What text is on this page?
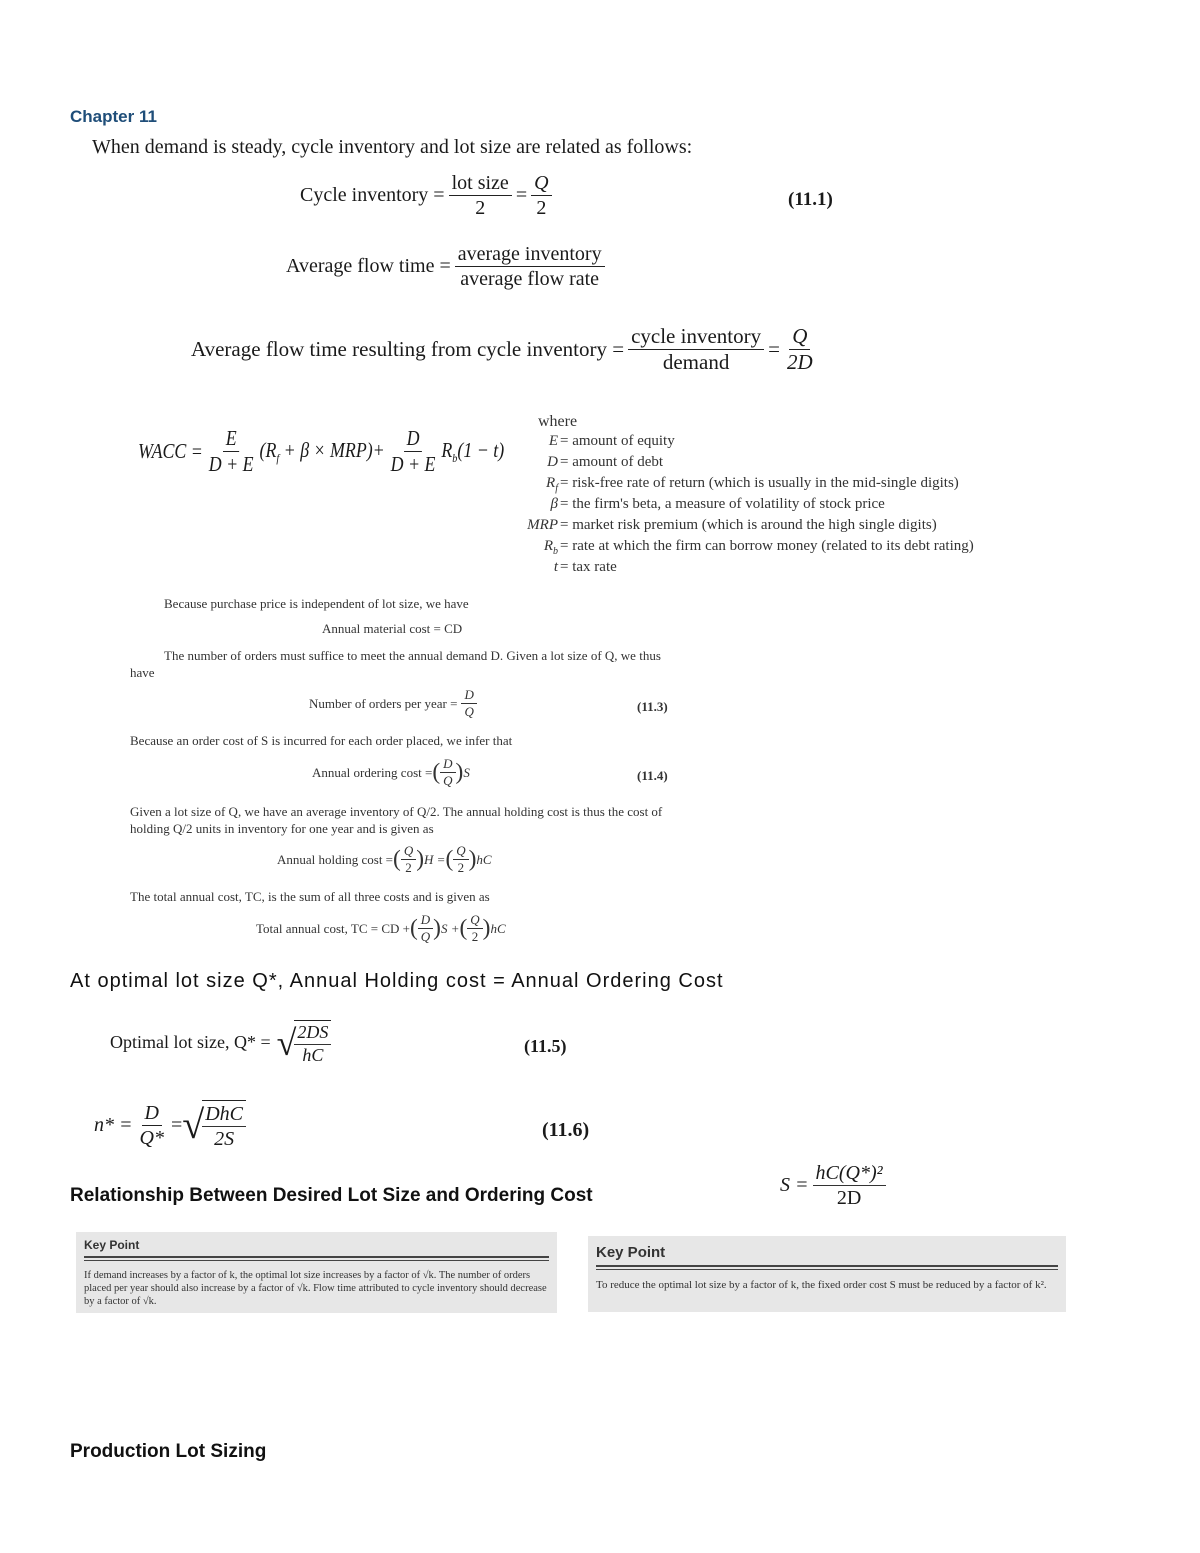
Chapter 11
When demand is steady, cycle inventory and lot size are related as follows:
Cycle inventory = $\frac{\text{lot size}}{2} = \frac{Q}{2}$	(11.1)
Average flow time = $\frac{\text{average inventory}}{\text{average flow rate}}$
Average flow time resulting from cycle inventory = $\frac{\text{cycle inventory}}{\text{demand}} = \frac{Q}{2D}$
WACC = $\frac{E}{D + E} (R_f + \beta \times MRP)+ \frac{D}{D + E} R_b(1 - t)$
where
E = amount of equity
D = amount of debt
$R_f$ = risk-free rate of return (which is usually in the mid-single digits)
β = the firm's beta, a measure of volatility of stock price
MRP = market risk premium (which is around the high single digits)
$R_b$ = rate at which the firm can borrow money (related to its debt rating)
t = tax rate
Because purchase price is independent of lot size, we have
Annual material cost = CD
The number of orders must suffice to meet the annual demand D. Given a lot size of Q, we thus have
Number of orders per year = $\frac{D}{Q}$	(11.3)
Because an order cost of S is incurred for each order placed, we infer that
Annual ordering cost = ( $\frac{D}{Q}$ ) S	(11.4)
Given a lot size of Q, we have an average inventory of Q/2. The annual holding cost is thus the cost of holding Q/2 units in inventory for one year and is given as
Annual holding cost = ( $\frac{Q}{2}$ ) H = ( $\frac{Q}{2}$ ) hC
The total annual cost, TC, is the sum of all three costs and is given as
Total annual cost, TC = CD + ( $\frac{D}{Q}$ ) S + ( $\frac{Q}{2}$ ) hC
At optimal lot size Q*, Annual Holding cost = Annual Ordering Cost
Optimal lot size, Q* = √
$\frac{2DS}{hC}$	(11.5)
$n* = \frac{D}{Q*}$ = √
$\frac{\text{DhC}}{2S}$	(11.6)
Relationship Between Desired Lot Size and Ordering Cost	$S = \frac{\text{hC(Q*)²}}{2D}$
Key Point
If demand increases by a factor of k, the optimal lot size increases by a factor of √k. The number of orders placed per year should also increase by a factor of √k. Flow time attributed to cycle inventory should decrease by a factor of √k.
Key Point
To reduce the optimal lot size by a factor of k, the fixed order cost S must be reduced by a factor of k².
Production Lot Sizing
